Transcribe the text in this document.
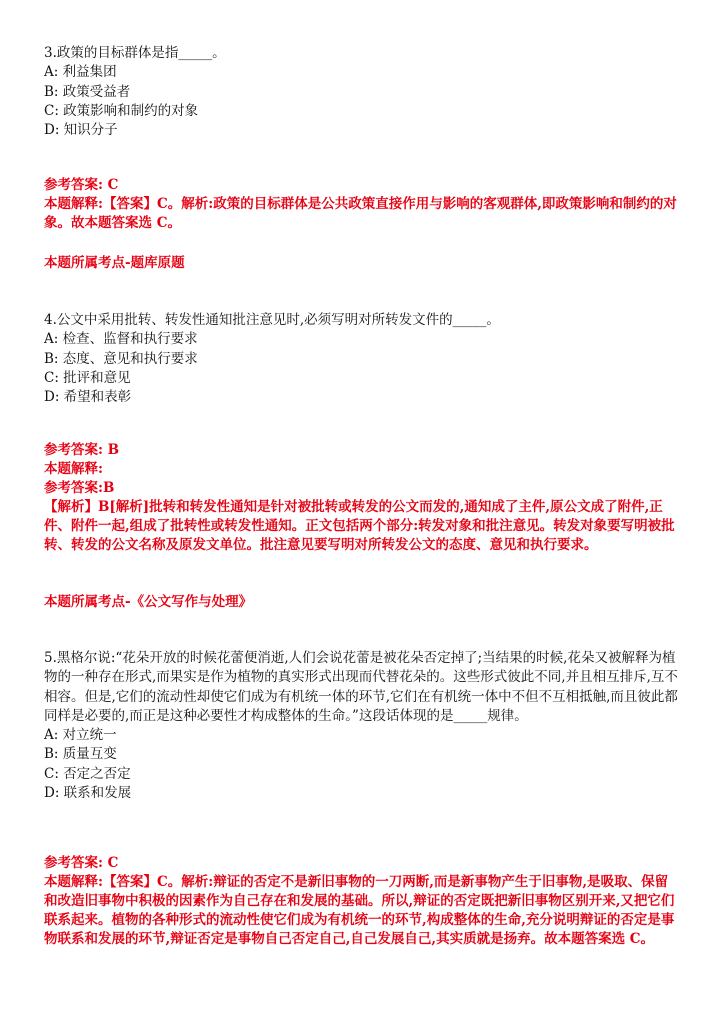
3.政策的目标群体是指_____。

A: 利益集团

B: 政策受益者

C: 政策影响和制约的对象

D: 知识分子

参考答案: C

本题解释:【答案】C。解析:政策的目标群体是公共政策直接作用与影响的客观群体,即政策影响和制约的对象。故本题答案选 C。

本题所属考点-题库原题

4.公文中采用批转、转发性通知批注意见时,必须写明对所转发文件的_____。

A: 检查、监督和执行要求

B: 态度、意见和执行要求

C: 批评和意见

D: 希望和表彰

参考答案: B

本题解释:

参考答案:B

【解析】B[解析]批转和转发性通知是针对被批转或转发的公文而发的,通知成了主件,原公文成了附件,正件、附件一起,组成了批转性或转发性通知。正文包括两个部分:转发对象和批注意见。转发对象要写明被批转、转发的公文名称及原发文单位。批注意见要写明对所转发公文的态度、意见和执行要求。

本题所属考点-《公文写作与处理》

5.黑格尔说:“花朵开放的时候花蕾便消逝,人们会说花蕾是被花朵否定掉了;当结果的时候,花朵又被解释为植物的一种存在形式,而果实是作为植物的真实形式出现而代替花朵的。这些形式彼此不同,并且相互排斥,互不相容。但是,它们的流动性却使它们成为有机统一体的环节,它们在有机统一体中不但不互相抵触,而且彼此都同样是必要的,而正是这种必要性才构成整体的生命。”这段话体现的是_____规律。

A: 对立统一

B: 质量互变

C: 否定之否定

D: 联系和发展

参考答案: C

本题解释:【答案】C。解析:辩证的否定不是新旧事物的一刀两断,而是新事物产生于旧事物,是吸取、保留和改造旧事物中积极的因素作为自己存在和发展的基础。所以,辩证的否定既把新旧事物区别开来,又把它们联系起来。植物的各种形式的流动性使它们成为有机统一的环节,构成整体的生命,充分说明辩证的否定是事物联系和发展的环节,辩证否定是事物自己否定自己,自己发展自己,其实质就是扬弃。故本题答案选 C。
